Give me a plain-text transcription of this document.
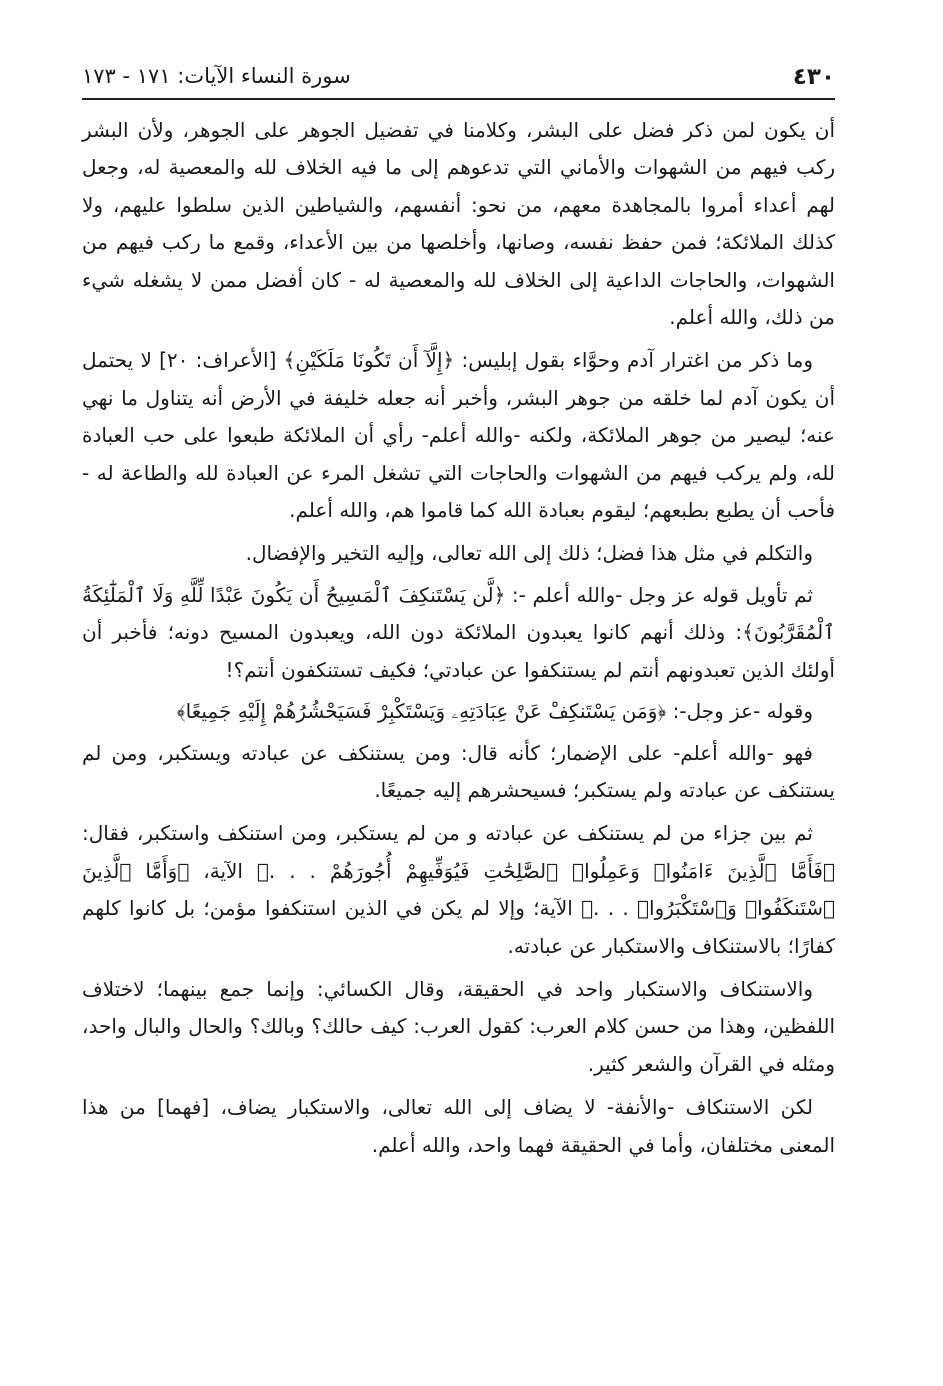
٤٣٠
سورة النساء الآيات: ١٧١ - ١٧٣

أن يكون لمن ذكر فضل على البشر، وكلامنا في تفضيل الجوهر على الجوهر، ولأن البشر ركب فيهم من الشهوات والأماني التي تدعوهم إلى ما فيه الخلاف لله والمعصية له، وجعل لهم أعداء أمروا بالمجاهدة معهم، من نحو: أنفسهم، والشياطين الذين سلطوا عليهم، ولا كذلك الملائكة؛ فمن حفظ نفسه، وصانها، وأخلصها من بين الأعداء، وقمع ما ركب فيهم من الشهوات، والحاجات الداعية إلى الخلاف لله والمعصية له - كان أفضل ممن لا يشغله شيء من ذلك، والله أعلم.

وما ذكر من اغترار آدم وحوَّاء بقول إبليس: ﴿إِلَّآ أَن تَكُونَا مَلَكَيْنِ﴾ [الأعراف: ٢٠] لا يحتمل أن يكون آدم لما خلقه من جوهر البشر، وأخبر أنه جعله خليفة في الأرض أنه يتناول ما نهي عنه؛ ليصير من جوهر الملائكة، ولكنه -والله أعلم- رأي أن الملائكة طبعوا على حب العبادة لله، ولم يركب فيهم من الشهوات والحاجات التي تشغل المرء عن العبادة لله والطاعة له - فأحب أن يطبع بطبعهم؛ ليقوم بعبادة الله كما قاموا هم، والله أعلم.

والتكلم في مثل هذا فضل؛ ذلك إلى الله تعالى، وإليه التخير والإفضال.

ثم تأويل قوله عز وجل -والله أعلم -: ﴿لَّن يَسْتَنكِفَ ٱلْمَسِيحُ أَن يَكُونَ عَبْدًا لِّلَّهِ وَلَا ٱلْمَلَٰٓئِكَةُ ٱلْمُقَرَّبُونَ﴾: وذلك أنهم كانوا يعبدون الملائكة دون الله، ويعبدون المسيح دونه؛ فأخبر أن أولئك الذين تعبدونهم أنتم لم يستنكفوا عن عبادتي؛ فكيف تستنكفون أنتم؟!

وقوله -عز وجل-: ﴿وَمَن يَسْتَنكِفْ عَنْ عِبَادَتِهِۦ وَيَسْتَكْبِرْ فَسَيَحْشُرُهُمْ إِلَيْهِ جَمِيعًا﴾

فهو -والله أعلم- على الإضمار؛ كأنه قال: ومن يستنكف عن عبادته ويستكبر، ومن لم يستنكف عن عبادته ولم يستكبر؛ فسيحشرهم إليه جميعًا.

ثم بين جزاء من لم يستنكف عن عبادته و من لم يستكبر، ومن استنكف واستكبر، فقال: ﴿فَأَمَّا ٱلَّذِينَ ءَامَنُوا۟ وَعَمِلُوا۟ ٱلصَّٰلِحَٰتِ فَيُوَفِّيهِمْ أُجُورَهُمْ . . .﴾ الآية، ﴿وَأَمَّا ٱلَّذِينَ ٱسْتَنكَفُوا۟ وَٱسْتَكْبَرُوا۟ . . .﴾ الآية؛ وإلا لم يكن في الذين استنكفوا مؤمن؛ بل كانوا كلهم كفارًا؛ بالاستنكاف والاستكبار عن عبادته.

والاستنكاف والاستكبار واحد في الحقيقة، وقال الكسائي: وإنما جمع بينهما؛ لاختلاف اللفظين، وهذا من حسن كلام العرب: كقول العرب: كيف حالك؟ وبالك؟ والحال والبال واحد، ومثله في القرآن والشعر كثير.

لكن الاستنكاف -والأنفة- لا يضاف إلى الله تعالى، والاستكبار يضاف، [فهما] من هذا المعنى مختلفان، وأما في الحقيقة فهما واحد، والله أعلم.
